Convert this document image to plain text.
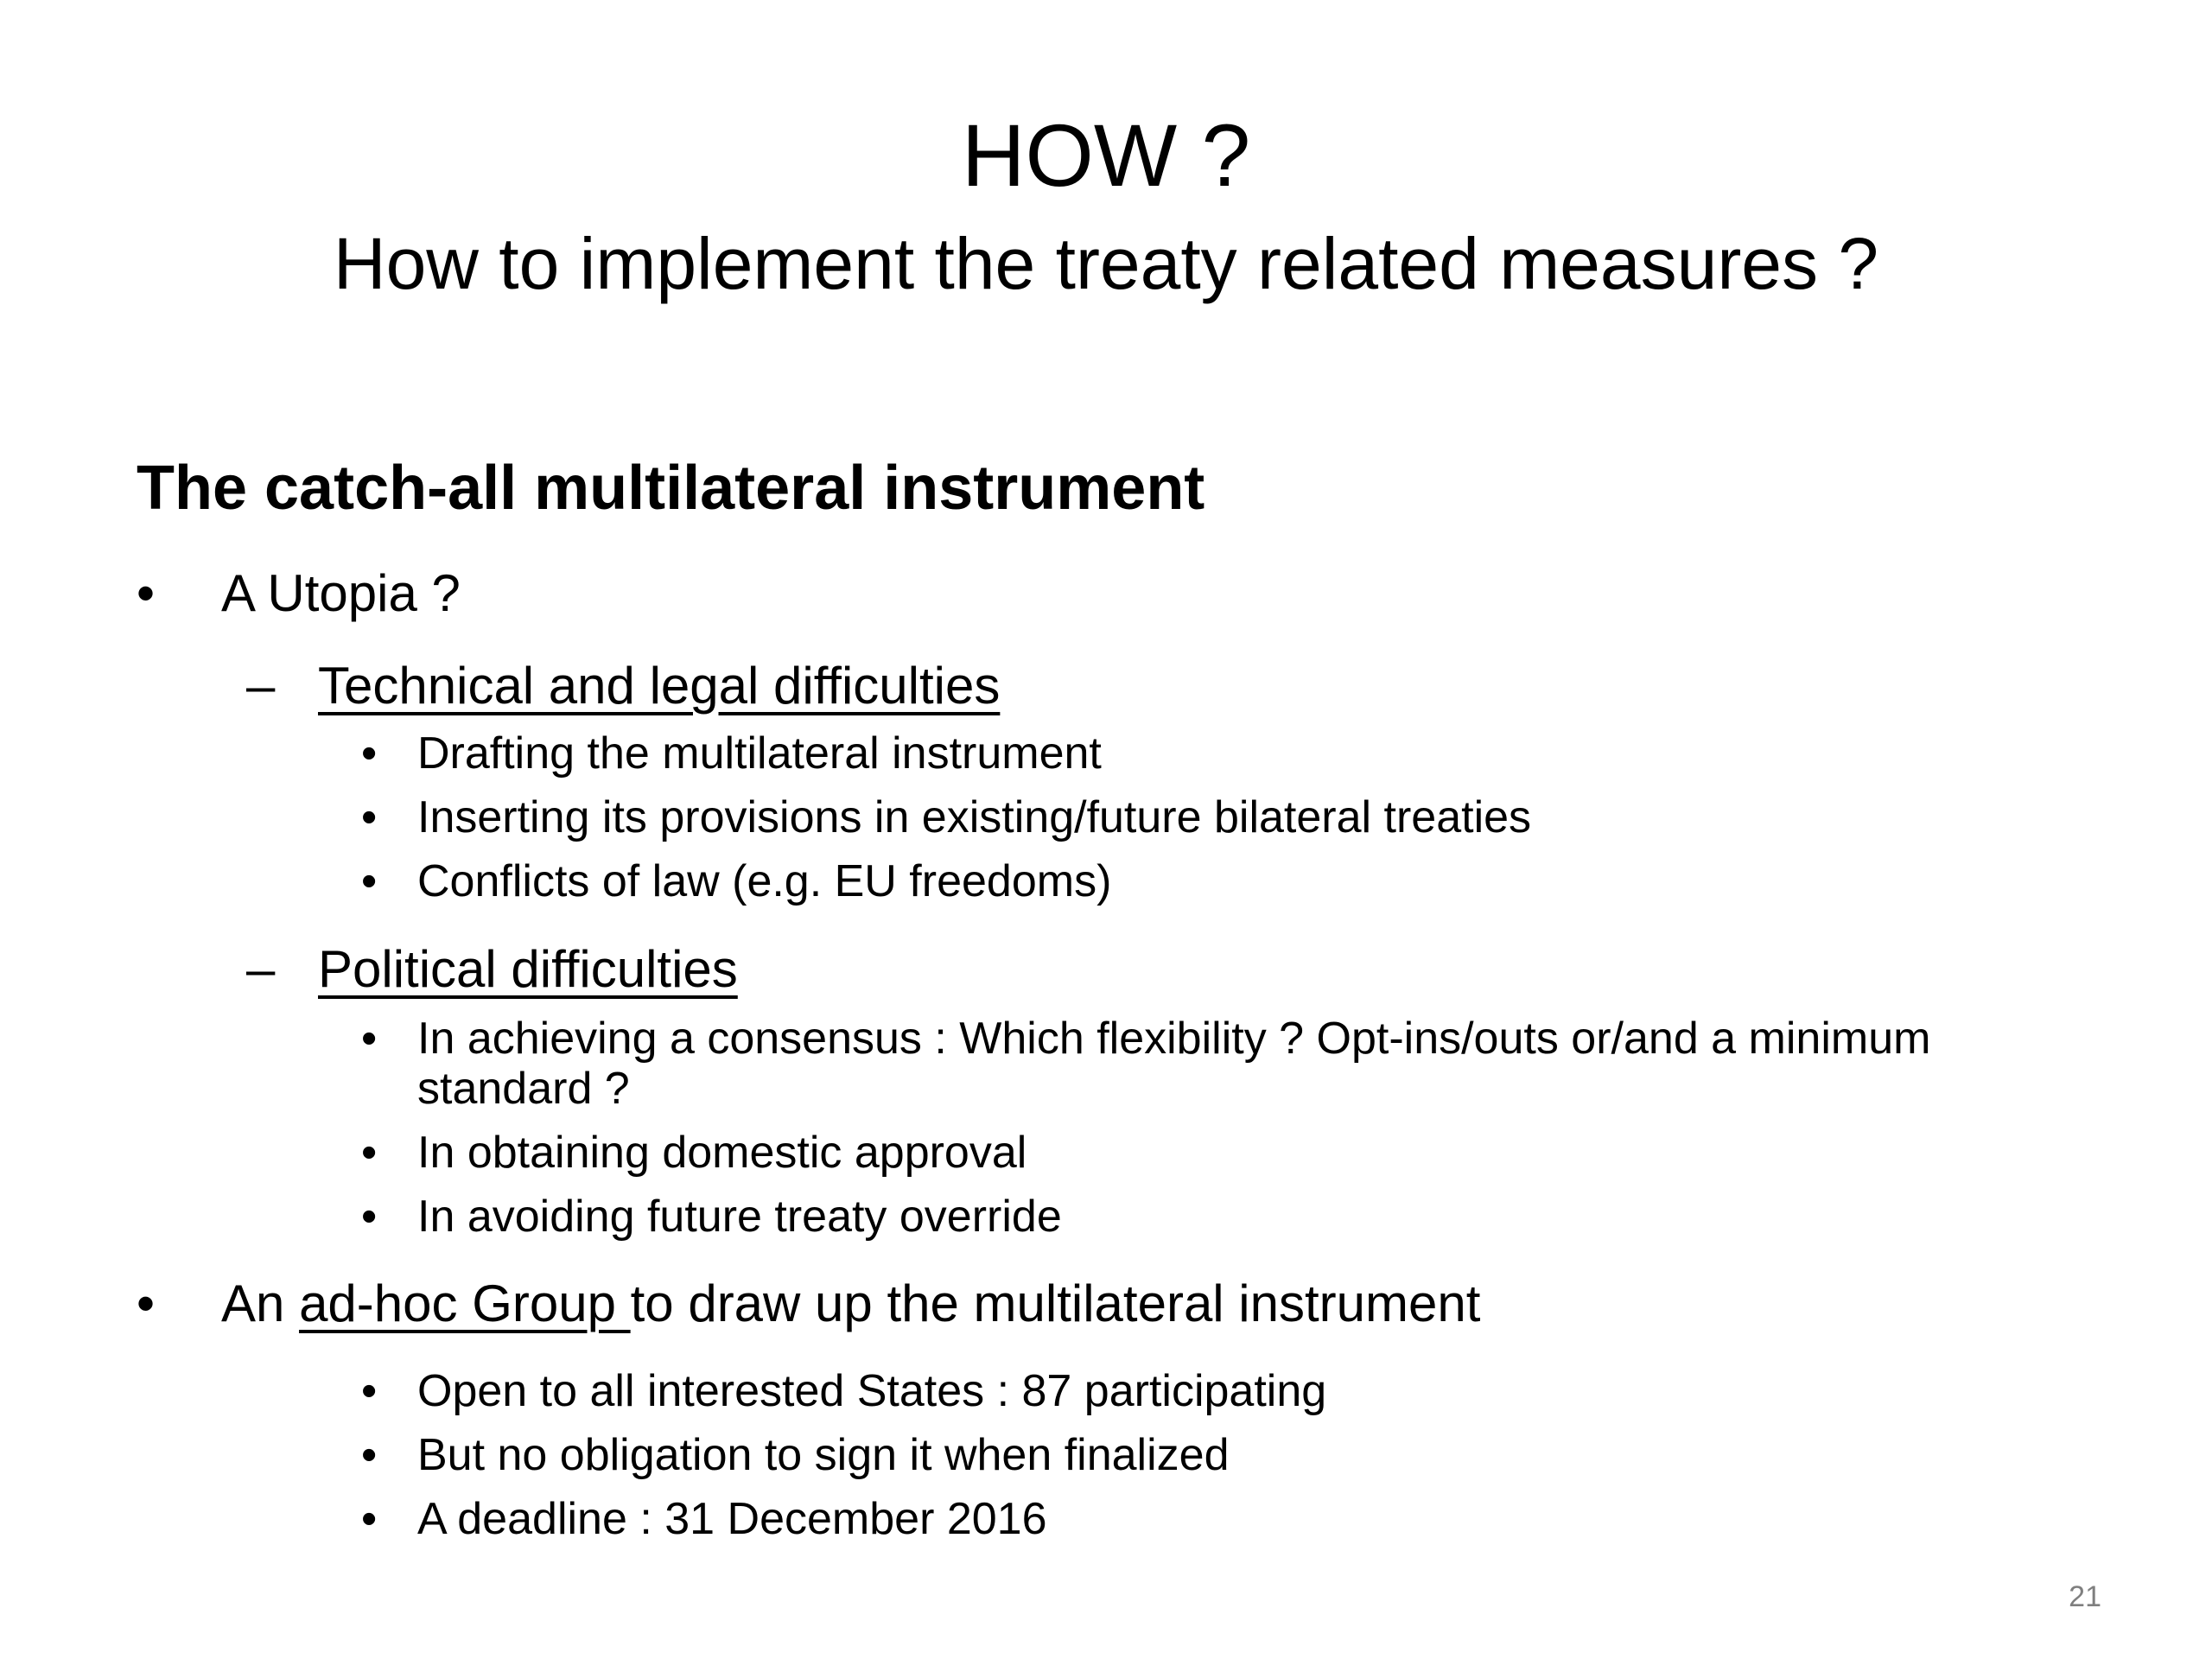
HOW ?
How to implement the treaty related measures ?
The catch-all multilateral instrument
• A Utopia ?
– Technical and legal difficulties
• Drafting the multilateral instrument
• Inserting its provisions in existing/future bilateral treaties
• Conflicts of law (e.g. EU freedoms)
– Political difficulties
• In achieving a consensus : Which flexibility ? Opt-ins/outs or/and a minimum
standard ?
• In obtaining domestic approval
• In avoiding future treaty override
• An ad-hoc Group to draw up the multilateral instrument
• Open to all interested States : 87 participating
• But no obligation to sign it when finalized
• A deadline : 31 December 2016
21
